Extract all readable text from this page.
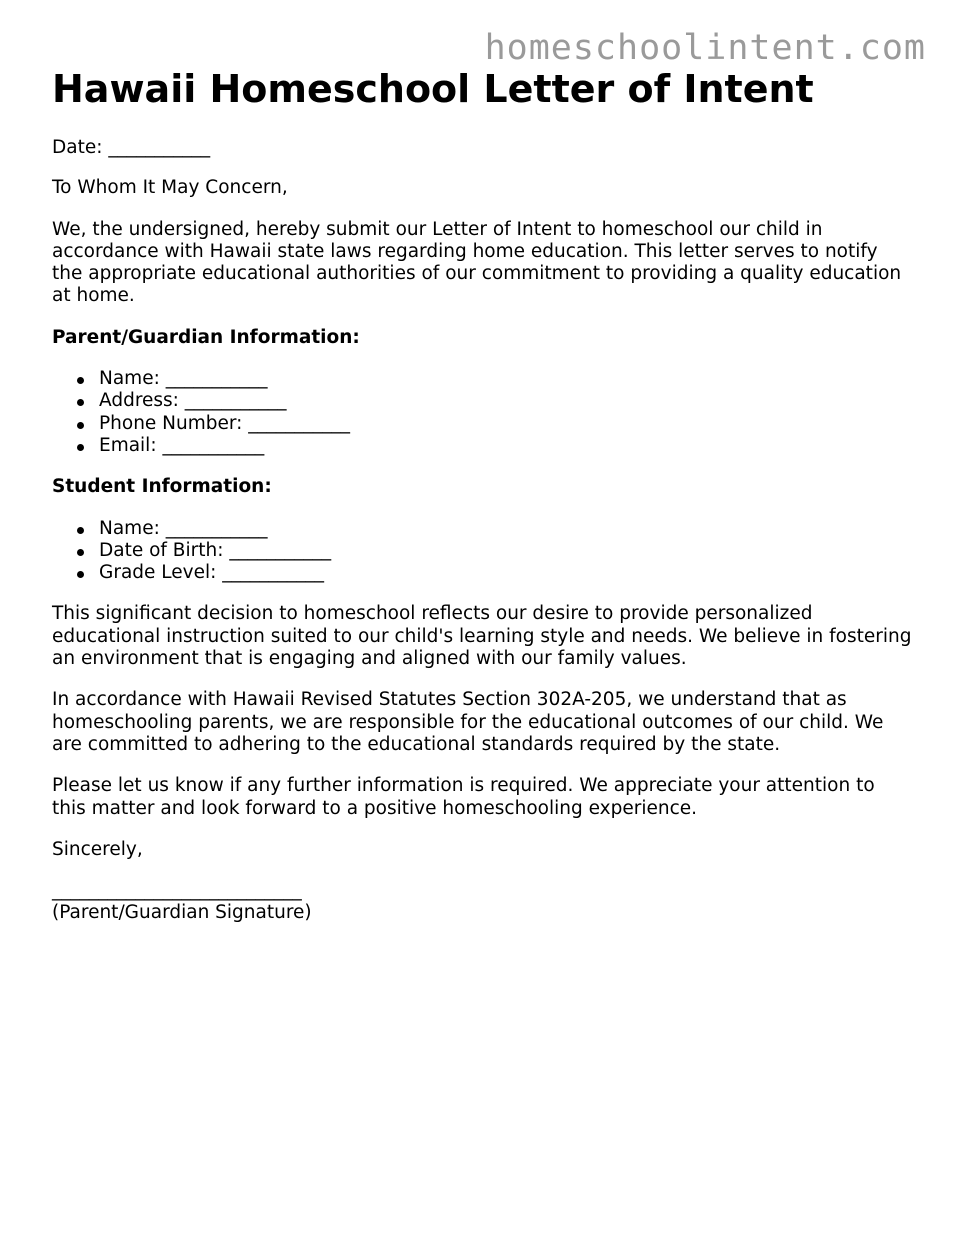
homeschoolintent.com
Hawaii Homeschool Letter of Intent

Date: ___________

To Whom It May Concern,

We, the undersigned, hereby submit our Letter of Intent to homeschool our child in accordance with Hawaii state laws regarding home education. This letter serves to notify the appropriate educational authorities of our commitment to providing a quality education at home.

Parent/Guardian Information:

Name: ___________
Address: ___________
Phone Number: ___________
Email: ___________

Student Information:

Name: ___________
Date of Birth: ___________
Grade Level: ___________

This significant decision to homeschool reflects our desire to provide personalized educational instruction suited to our child's learning style and needs. We believe in fostering an environment that is engaging and aligned with our family values.

In accordance with Hawaii Revised Statutes Section 302A-205, we understand that as homeschooling parents, we are responsible for the educational outcomes of our child. We are committed to adhering to the educational standards required by the state.

Please let us know if any further information is required. We appreciate your attention to this matter and look forward to a positive homeschooling experience.

Sincerely,

___________________________

(Parent/Guardian Signature)
